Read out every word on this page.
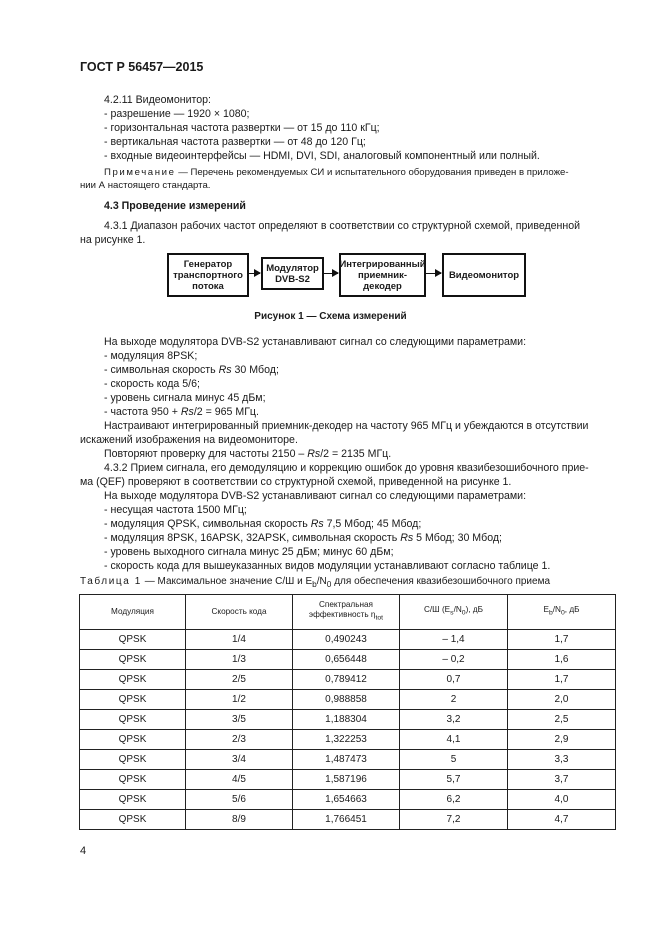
ГОСТ Р 56457—2015
4.2.11 Видеомонитор:
- разрешение — 1920 × 1080;
- горизонтальная частота развертки — от 15 до 110 кГц;
- вертикальная частота развертки — от 48 до 120 Гц;
- входные видеоинтерфейсы — HDMI, DVI, SDI, аналоговый компонентный или полный.
Примечание — Перечень рекомендуемых СИ и испытательного оборудования приведен в приложе-
нии А настоящего стандарта.
4.3 Проведение измерений
4.3.1 Диапазон рабочих частот определяют в соответствии со структурной схемой, приведенной
на рисунке 1.
Генератор
транспортного
потока
Модулятор
DVB-S2
Интегрированный
приемник-
декодер
Видеомонитор
Рисунок 1 — Схема измерений
На выходе модулятора DVB-S2 устанавливают сигнал со следующими параметрами:
- модуляция 8PSK;
- символьная скорость Rs 30 Мбод;
- скорость кода 5/6;
- уровень сигнала минус 45 дБм;
- частота 950 + Rs/2 = 965 МГц.
Настраивают интегрированный приемник-декодер на частоту 965 МГц и убеждаются в отсутствии
искажений изображения на видеомониторе.
Повторяют проверку для частоты 2150 – Rs/2 = 2135 МГц.
4.3.2 Прием сигнала, его демодуляцию и коррекцию ошибок до уровня квазибезошибочного прие-
ма (QEF) проверяют в соответствии со структурной схемой, приведенной на рисунке 1.
На выходе модулятора DVB-S2 устанавливают сигнал со следующими параметрами:
- несущая частота 1500 МГц;
- модуляция QPSK, символьная скорость Rs 7,5 Мбод; 45 Мбод;
- модуляция 8PSK, 16APSK, 32APSK, символьная скорость Rs 5 Мбод; 30 Мбод;
- уровень выходного сигнала минус 25 дБм; минус 60 дБм;
- скорость кода для вышеуказанных видов модуляции устанавливают согласно таблице 1.
Таблица 1 — Максимальное значение С/Ш и $E_b/N_0$ для обеспечения квазибезошибочного приема
Модуляция	Скорость кода	Спектральная
эффективность $\eta_{tot}$	С/Ш $(E_s/N_0)$, дБ	$E_b/N_0$, дБ
QPSK	1/4	0,490243	– 1,4	1,7
QPSK	1/3	0,656448	– 0,2	1,6
QPSK	2/5	0,789412	0,7	1,7
QPSK	1/2	0,988858	2	2,0
QPSK	3/5	1,188304	3,2	2,5
QPSK	2/3	1,322253	4,1	2,9
QPSK	3/4	1,487473	5	3,3
QPSK	4/5	1,587196	5,7	3,7
QPSK	5/6	1,654663	6,2	4,0
QPSK	8/9	1,766451	7,2	4,7
4
